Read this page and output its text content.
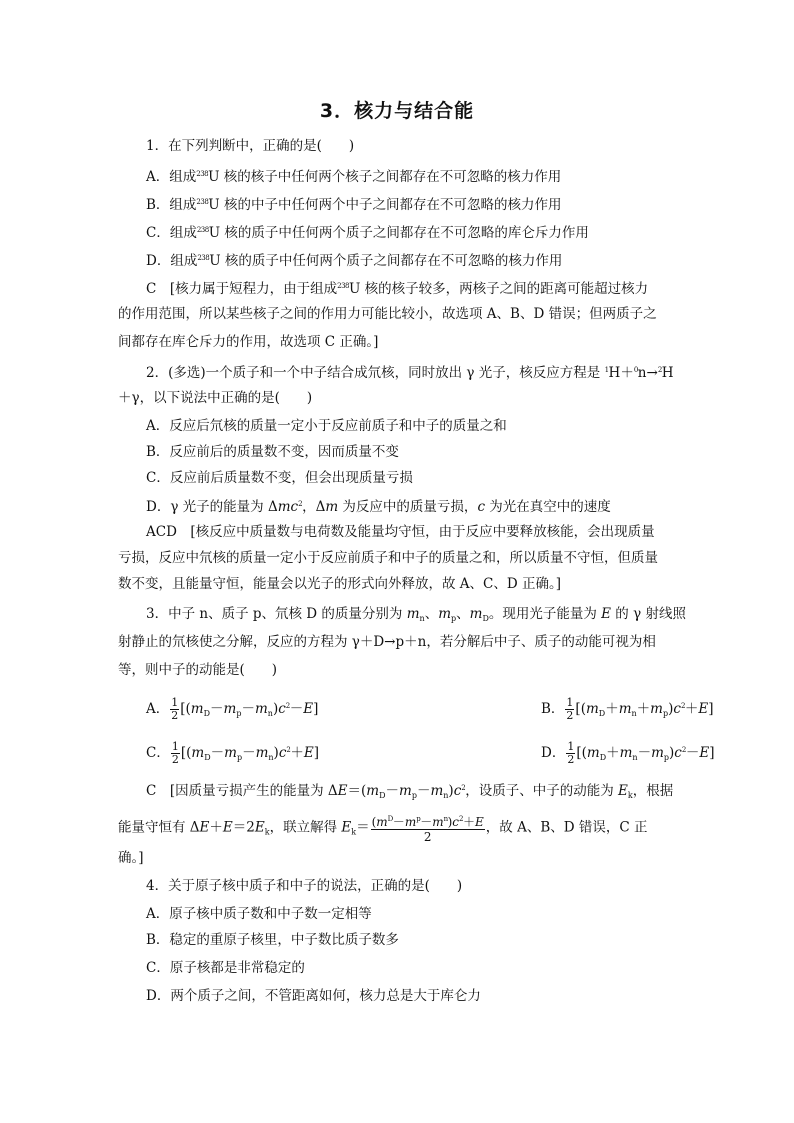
3．核力与结合能
1．在下列判断中，正确的是(　　)
A．组成$^{238}$U 核的核子中任何两个核子之间都存在不可忽略的核力作用
B．组成$^{238}$U 核的中子中任何两个中子之间都存在不可忽略的核力作用
C．组成$^{238}$U 核的质子中任何两个质子之间都存在不可忽略的库仑斥力作用
D．组成$^{238}$U 核的质子中任何两个质子之间都存在不可忽略的核力作用
C　[核力属于短程力，由于组成$^{238}$U 核的核子较多，两核子之间的距离可能超过核力
的作用范围，所以某些核子之间的作用力可能比较小，故选项 A、B、D 错误；但两质子之
间都存在库仑斥力的作用，故选项 C 正确。]
2．(多选)一个质子和一个中子结合成氘核，同时放出 γ 光子，核反应方程是 $^1$H＋$^0$n→$^2$H
＋γ，以下说法中正确的是(　　)
A．反应后氘核的质量一定小于反应前质子和中子的质量之和
B．反应前后的质量数不变，因而质量不变
C．反应前后质量数不变，但会出现质量亏损
D．γ 光子的能量为 Δmc$^2$，Δm 为反应中的质量亏损，c 为光在真空中的速度
ACD　[核反应中质量数与电荷数及能量均守恒，由于反应中要释放核能，会出现质量
亏损，反应中氘核的质量一定小于反应前质子和中子的质量之和，所以质量不守恒，但质量
数不变，且能量守恒，能量会以光子的形式向外释放，故 A、C、D 正确。]
3．中子 n、质子 p、氘核 D 的质量分别为 $m_n$、$m_p$、$m_D$。现用光子能量为 E 的 γ 射线照
射静止的氘核使之分解，反应的方程为 γ＋D→p＋n，若分解后中子、质子的动能可视为相
等，则中子的动能是(　　)
A． $\frac{1}{2} [(m_D-m_p-m_n)c^2-E]$	B． $\frac{1}{2} [(m_D+m_n+m_p)c^2+E]$
C． $\frac{1}{2} [(m_D-m_p-m_n)c^2+E]$	D． $\frac{1}{2} [(m_D+m_n-m_p)c^2-E]$
C　[因质量亏损产生的能量为 $\Delta E=(m_D-m_p-m_n)c^2$，设质子、中子的动能为 $E_k$，根据
能量守恒有 $\Delta E+E=2E_k$，联立解得 $E_k= \frac{(m^D-m^p-m^n)c^2+E}{2}$ ，故 A、B、D 错误，C 正
确。]
4．关于原子核中质子和中子的说法，正确的是(　　)
A．原子核中质子数和中子数一定相等
B．稳定的重原子核里，中子数比质子数多
C．原子核都是非常稳定的
D．两个质子之间，不管距离如何，核力总是大于库仑力
